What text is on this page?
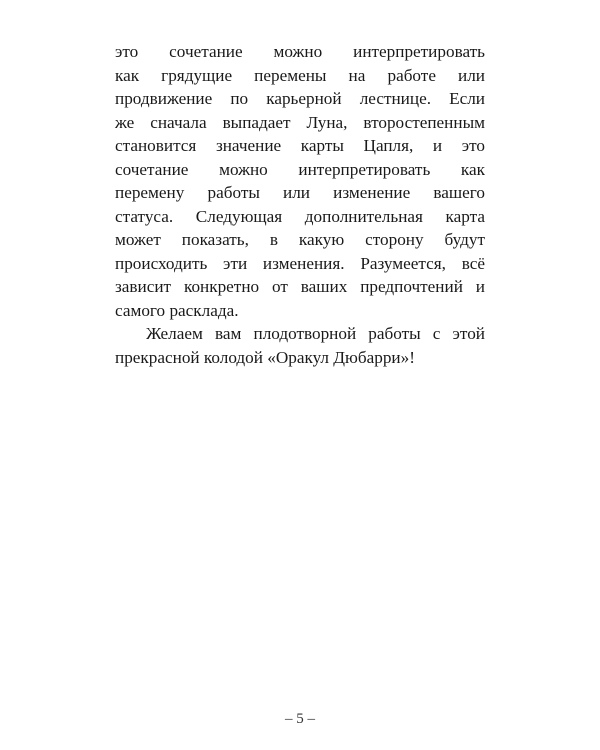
это сочетание можно интерпретировать
как грядущие перемены на работе или
продвижение по карьерной лестнице. Если
же сначала выпадает Луна, второстепенным
становится значение карты Цапля, и это
сочетание можно интерпретировать как
перемену работы или изменение вашего
статуса. Следующая дополнительная карта
может показать, в какую сторону будут
происходить эти изменения. Разумеется, всё
зависит конкретно от ваших предпочтений и
самого расклада.
Желаем вам плодотворной работы с этой
прекрасной колодой «Оракул Дюбарри»!
– 5 –
